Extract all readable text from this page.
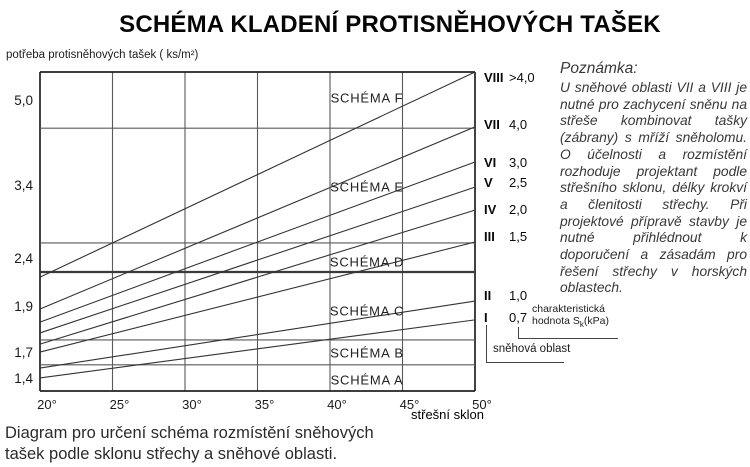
SCHÉMA KLADENÍ PROTISNĚHOVÝCH TAŠEK
potřeba protisněhových tašek ( ks/m²)
SCHÉMA F
SCHÉMA E
SCHÉMA D
SCHÉMA C
SCHÉMA B
SCHÉMA A
5,0
3,4
2,4
1,9
1,7
1,4
20°	25°	30°	35°	40°	45°	50°
charakteristická
hodnota $S_k(kPa)$
sněhová oblast
VIII >4,0
VII 4,0
VI 3,0
V 2,5
IV 2,0
III 1,5
II 1,0
I 0,7
Poznámka:
U sněhové oblasti VII a VIII je nutné pro zachycení sněnu na střeše kombinovat tašky (zábrany) s mříží sněholomu. O účelnosti a rozmístění rozhoduje projektant podle střešního sklonu, délky krokví a členitosti střechy. Při projektové přípravě stavby je nutné přihlédnout k doporučení a zásadám pro řešení střechy v horských oblastech.
střešní sklon
Diagram pro určení schéma rozmístění sněhových
tašek podle sklonu střechy a sněhové oblasti.
